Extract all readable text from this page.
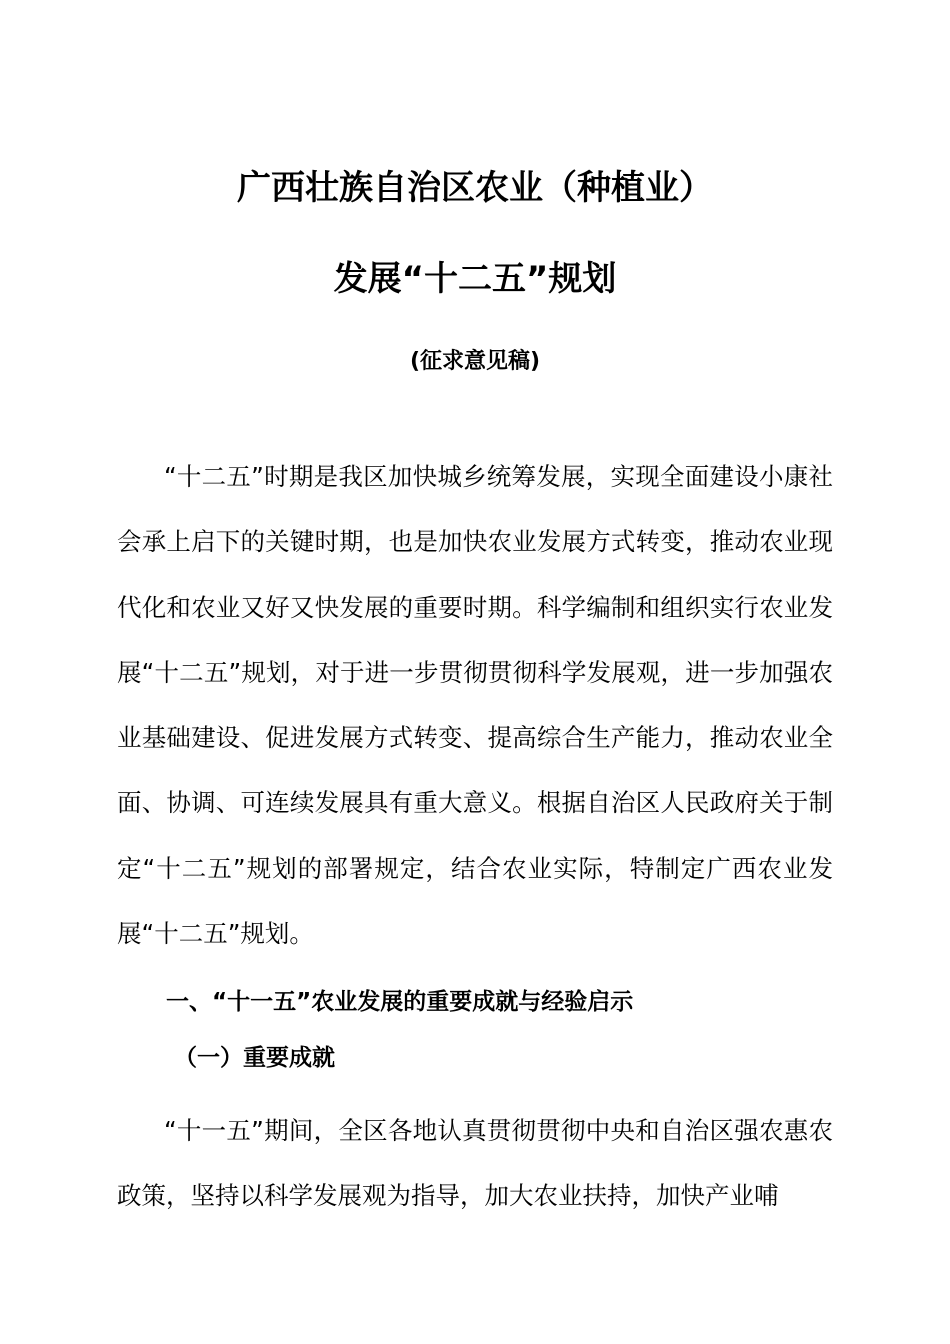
广西壮族自治区农业（种植业）
发展“十二五”规划
(征求意见稿)

“十二五”时期是我区加快城乡统筹发展，实现全面建设小康社会承上启下的关键时期，也是加快农业发展方式转变，推动农业现代化和农业又好又快发展的重要时期。科学编制和组织实行农业发展“十二五”规划，对于进一步贯彻贯彻科学发展观，进一步加强农业基础建设、促进发展方式转变、提高综合生产能力，推动农业全面、协调、可连续发展具有重大意义。根据自治区人民政府关于制定“十二五”规划的部署规定，结合农业实际，特制定广西农业发展“十二五”规划。

一、“十一五”农业发展的重要成就与经验启示
（一）重要成就

“十一五”期间，全区各地认真贯彻贯彻中央和自治区强农惠农政策，坚持以科学发展观为指导，加大农业扶持，加快产业哺
